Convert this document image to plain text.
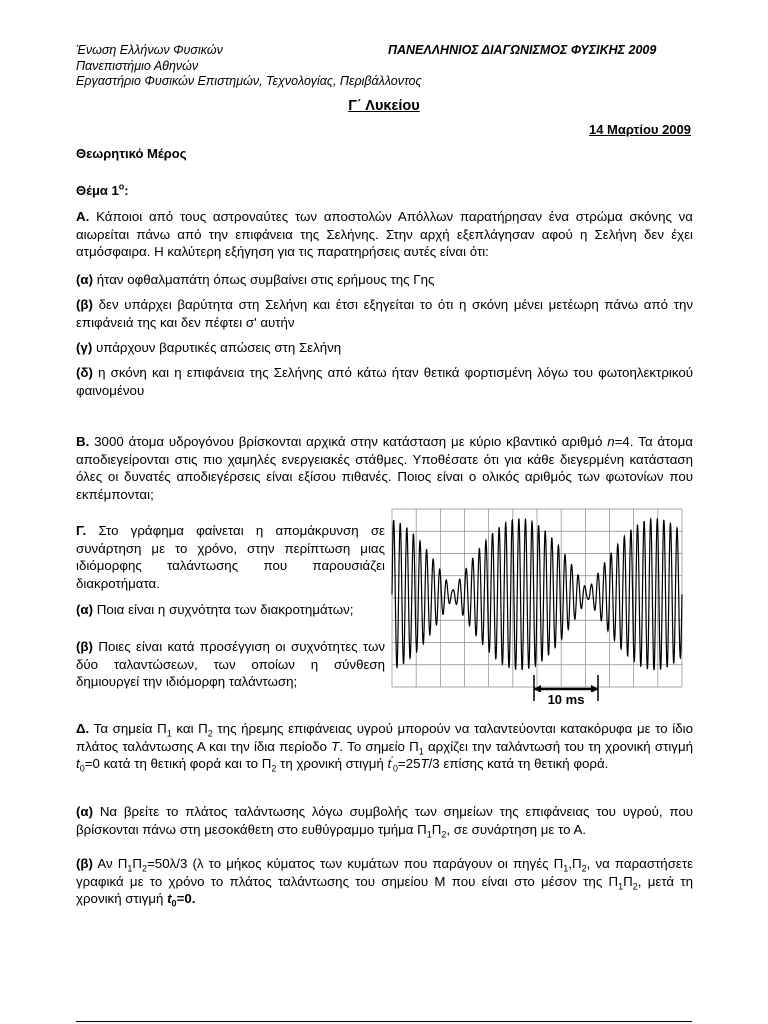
Ένωση Ελλήνων Φυσικών
Πανεπιστήμιο Αθηνών
Εργαστήριο Φυσικών Επιστημών, Τεχνολογίας, Περιβάλλοντος
ΠΑΝΕΛΛΗΝΙΟΣ ΔΙΑΓΩΝΙΣΜΟΣ ΦΥΣΙΚΗΣ 2009
Γ΄ Λυκείου
14 Μαρτίου 2009
Θεωρητικό Μέρος
Θέμα $1^o$:
Α. Κάποιοι από τους αστροναύτες των αποστολών Απόλλων παρατήρησαν ένα στρώμα σκόνης να αιωρείται πάνω από την επιφάνεια της Σελήνης. Στην αρχή εξεπλάγησαν αφού η Σελήνη δεν έχει ατμόσφαιρα. Η καλύτερη εξήγηση για τις παρατηρήσεις αυτές είναι ότι:
(α) ήταν οφθαλμαπάτη όπως συμβαίνει στις ερήμους της Γης
(β) δεν υπάρχει βαρύτητα στη Σελήνη και έτσι εξηγείται το ότι η σκόνη μένει μετέωρη πάνω από την επιφάνειά της και δεν πέφτει σ' αυτήν
(γ) υπάρχουν βαρυτικές απώσεις στη Σελήνη
(δ) η σκόνη και η επιφάνεια της Σελήνης από κάτω ήταν θετικά φορτισμένη λόγω του φωτοηλεκτρικού φαινομένου
Β. 3000 άτομα υδρογόνου βρίσκονται αρχικά στην κατάσταση με κύριο κβαντικό αριθμό n=4. Τα άτομα αποδιεγείρονται στις πιο χαμηλές ενεργειακές στάθμες. Υποθέσατε ότι για κάθε διεγερμένη κατάσταση όλες οι δυνατές αποδιεγέρσεις είναι εξίσου πιθανές. Ποιος είναι ο ολικός αριθμός των φωτονίων που εκπέμπονται;
Γ. Στο γράφημα φαίνεται η απομάκρυνση σε συνάρτηση με το χρόνο, στην περίπτωση μιας ιδιόμορφης ταλάντωσης που παρουσιάζει διακροτήματα.
(α) Ποια είναι η συχνότητα των διακροτημάτων;
(β) Ποιες είναι κατά προσέγγιση οι συχνότητες των δύο ταλαντώσεων, των οποίων η σύνθεση δημιουργεί την ιδιόμορφη ταλάντωση;
10 ms
Δ. Τα σημεία $\Pi_1$ και $\Pi_2$ της ήρεμης επιφάνειας υγρού μπορούν να ταλαντεύονται κατακόρυφα με το ίδιο πλάτος ταλάντωσης Α και την ίδια περίοδο T. Το σημείο $\Pi_1$ αρχίζει την ταλάντωσή του τη χρονική στιγμή $t_0=0$ κατά τη θετική φορά και το $\Pi_2$ τη χρονική στιγμή $t'_0=25T/3$ επίσης κατά τη θετική φορά.
(α) Να βρείτε το πλάτος ταλάντωσης λόγω συμβολής των σημείων της επιφάνειας του υγρού, που βρίσκονται πάνω στη μεσοκάθετη στο ευθύγραμμο τμήμα $\Pi_1\Pi_2$, σε συνάρτηση με το Α.
(β) Αν $\Pi_1\Pi_2=50\lambda/3$ (λ το μήκος κύματος των κυμάτων που παράγουν οι πηγές $\Pi_1,\Pi_2$, να παραστήσετε γραφικά με το χρόνο το πλάτος ταλάντωσης του σημείου Μ που είναι στο μέσον της $\Pi_1\Pi_2$, μετά τη χρονική στιγμή $t_0=0$.
